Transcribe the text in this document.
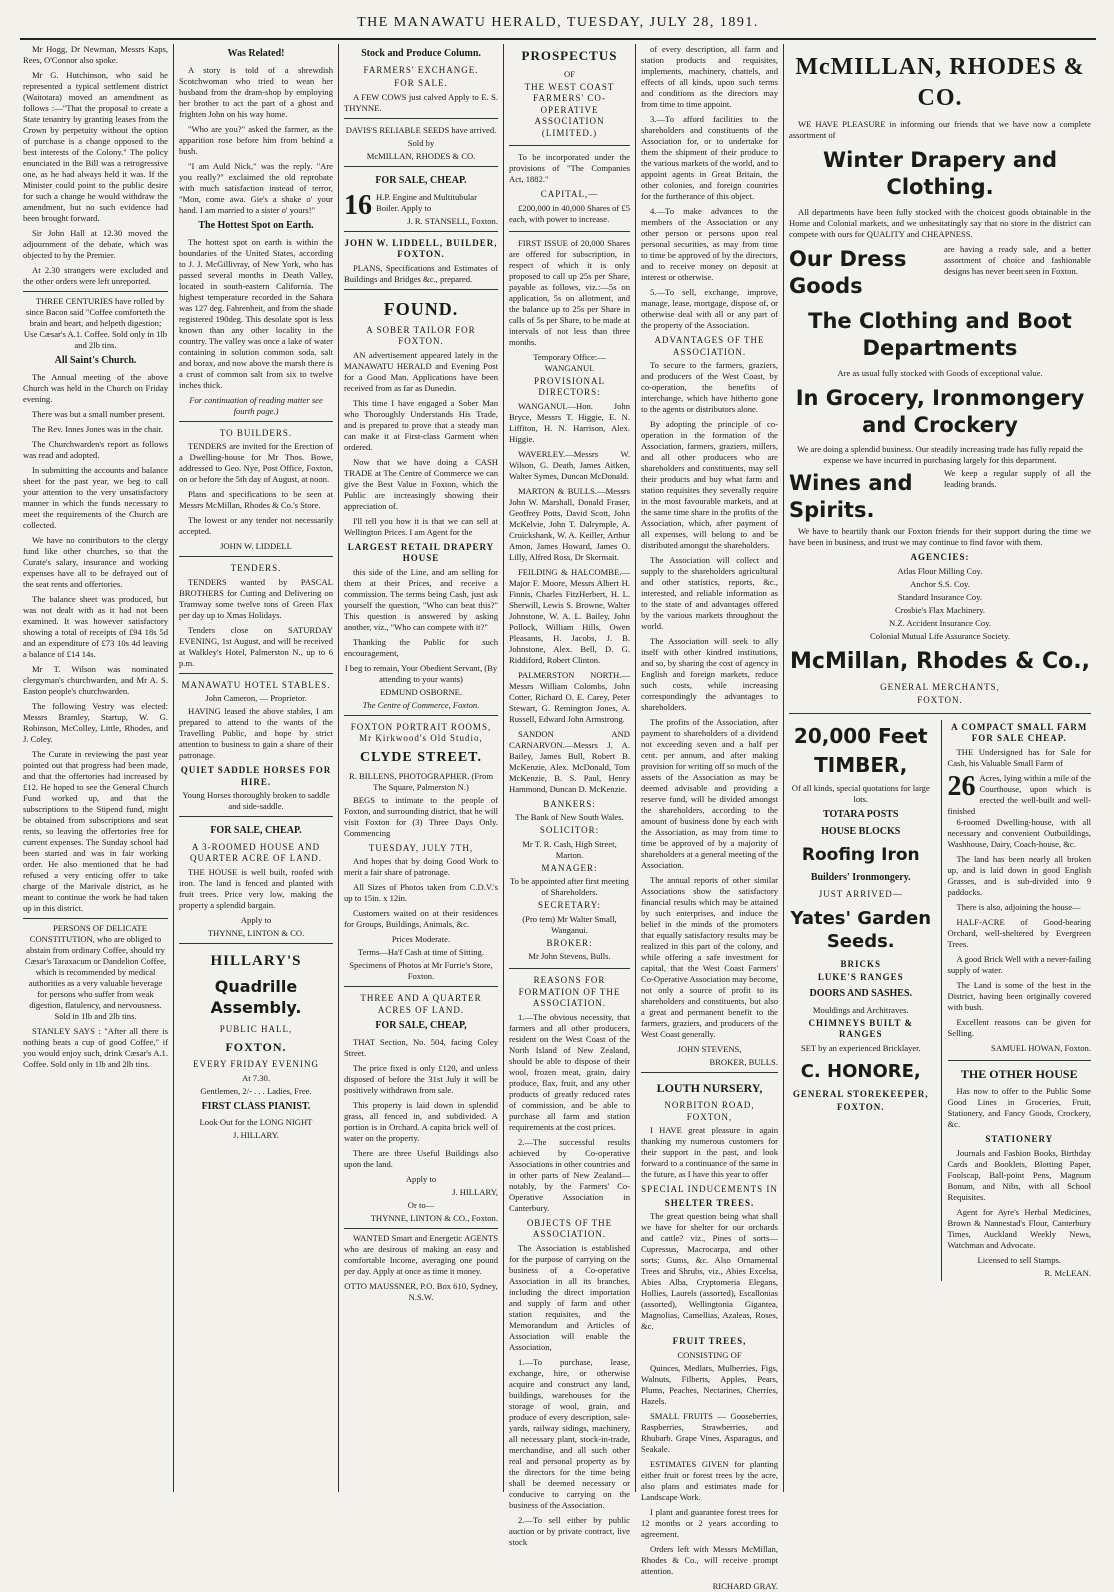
THE MANAWATU HERALD, TUESDAY, JULY 28, 1891.

Mr Hogg, Dr Newman, Messrs Kaps, Rees, O'Connor also spoke.

Mr G. Hutchinson, who said he represented a typical settlement district (Waitotara) moved an amendment as follows :—"That the proposal to create a State tenantry by granting leases from the Crown by perpetuity without the option of purchase is a change opposed to the best interests of the Colony." The policy enunciated in the Bill was a retrogressive one, as he had always held it was. If the Minister could point to the public desire for such a change he would withdraw the amendment, but no such evidence had been brought forward.

Sir John Hall at 12.30 moved the adjournment of the debate, which was objected to by the Premier.

At 2.30 strangers were excluded and the other orders were left unreported.

THREE CENTURIES have rolled by since Bacon said "Coffee comforteth the brain and heart, and helpeth digestion; Use Cæsar's A.1. Coffee. Sold only in 1lb and 2lb tins.

All Saint's Church.

The Annual meeting of the above Church was held in the Church on Friday evening.

There was but a small number present.

The Rev. Innes Jones was in the chair.

The Churchwarden's report as follows was read and adopted.

In submitting the accounts and balance sheet for the past year, we beg to call your attention to the very unsatisfactory manner in which the funds necessary to meet the requirements of the Church are collected.

We have no contributors to the clergy fund like other churches, so that the Curate's salary, insurance and working expenses have all to be defrayed out of the seat rents and offertories.

The balance sheet was produced, but was not dealt with as it had not been examined. It was however satisfactory showing a total of receipts of £94 18s 5d and an expenditure of £73 10s 4d leaving a balance of £14 14s.

Mr T. Wilson was nominated clergyman's churchwarden, and Mr A. S. Easton people's churchwarden.

The following Vestry was elected: Messrs Bramley, Startup, W. G. Robinson, McColley, Little, Rhodes, and J. Coley.

The Curate in reviewing the past year pointed out that progress had been made, and that the offertories had increased by £12. He hoped to see the General Church Fund worked up, and that the subscriptions to the Stipend fund, might be obtained from subscriptions and seat rents, so leaving the offertories free for current expenses. The Sunday school had been started and was in fair working order. He also mentioned that he had refused a very enticing offer to take charge of the Marivale district, as he meant to continue the work he had taken up in this district.

PERSONS OF DELICATE CONSTITUTION, who are obliged to abstain from ordinary Coffee, should try Cæsar's Taraxacum or Dandelion Coffee, which is recommended by medical authorities as a very valuable beverage for persons who suffer from weak digestion, flatulency, and nervousness. Sold in 1lb and 2lb tins.

STANLEY SAYS : "After all there is nothing beats a cup of good Coffee," if you would enjoy such, drink Cæsar's A.1. Coffee. Sold only in 1lb and 2lb tins.

Was Related!

A story is told of a shrewdish Scotchwoman who tried to wean her husband from the dram-shop by employing her brother to act the part of a ghost and frighten John on his way home.

"Who are you?" asked the farmer, as the apparition rose before him from behind a bush.

"I am Auld Nick," was the reply. "Are you really?" exclaimed the old reprobate with much satisfaction instead of terror, "Mon, come awa. Gie's a shake o' your hand. I am married to a sister o' yours!"

The Hottest Spot on Earth.

The hottest spot on earth is within the boundaries of the United States, according to J. J. McGillivray, of New York, who has passed several months in Death Valley, located in south-eastern California. The highest temperature recorded in the Sahara was 127 deg. Fahrenheit, and from the shade registered 190deg. This desolate spot is less known than any other locality in the country. The valley was once a lake of water containing in solution common soda, salt and borax, and now above the marsh there is a crust of common salt from six to twelve inches thick.

For continuation of reading matter see fourth page.)
TO BUILDERS.

TENDERS are invited for the Erection of a Dwelling-house for Mr Thos. Bowe, addressed to Geo. Nye, Post Office, Foxton, on or before the 5th day of August, at noon.

Plans and specifications to be seen at Messrs McMillan, Rhodes & Co.'s Store.

The lowest or any tender not necessarily accepted.

JOHN W. LIDDELL
TENDERS.

TENDERS wanted by PASCAL BROTHERS for Cutting and Delivering on Tramway some twelve tons of Green Flax per day up to Xmas Holidays.

Tenders close on SATURDAY EVENING, 1st August, and will be received at Walkley's Hotel, Palmerston N., up to 6 p.m.

MANAWATU HOTEL STABLES.
John Cameron, — Proprietor.

HAVING leased the above stables, I am prepared to attend to the wants of the Travelling Public, and hope by strict attention to business to gain a share of their patronage.

QUIET SADDLE HORSES FOR HIRE.
Young Horses thoroughly broken to saddle and side-saddle.
FOR SALE, CHEAP.
A 3-ROOMED HOUSE AND QUARTER ACRE OF LAND.

THE HOUSE is well built, roofed with iron. The land is fenced and planted with fruit trees. Price very low, making the property a splendid bargain.

Apply to
THYNNE, LINTON & CO.
HILLARY'S
Quadrille Assembly.
PUBLIC HALL,
FOXTON.
EVERY FRIDAY EVENING
At 7.30.
Gentlemen, 2/- . . . Ladies, Free.
FIRST CLASS PIANIST.
Look Out for the LONG NIGHT
J. HILLARY.
Stock and Produce Column.
FARMERS' EXCHANGE.
FOR SALE.

A FEW COWS just calved Apply to E. S. THYNNE.

DAVIS'S RELIABLE SEEDS have arrived.
Sold by
McMILLAN, RHODES & CO.
FOR SALE, CHEAP.
16 H.P. Engine and Multitubular Boiler. Apply to
J. R. STANSELL, Foxton.
JOHN W. LIDDELL, BUILDER, FOXTON.

PLANS, Specifications and Estimates of Buildings and Bridges &c., prepared.

FOUND.
A SOBER TAILOR FOR FOXTON.

AN advertisement appeared lately in the MANAWATU HERALD and Evening Post for a Good Man. Applications have been received from as far as Dunedin.

This time I have engaged a Sober Man who Thoroughly Understands His Trade, and is prepared to prove that a steady man can make it at First-class Garment when ordered.

Now that we have doing a CASH TRADE at The Centre of Commerce we can give the Best Value in Foxton, which the Public are increasingly showing their appreciation of.

I'll tell you how it is that we can sell at Wellington Prices. I am Agent for the

LARGEST RETAIL DRAPERY HOUSE

this side of the Line, and am selling for them at their Prices, and receive a commission. The terms being Cash, just ask yourself the question, "Who can beat this?" This question is answered by asking another, viz., "Who can compete with it?"

Thanking the Public for such encouragement,

I beg to remain, Your Obedient Servant, (By attending to your wants)
EDMUND OSBORNE.
The Centre of Commerce, Foxton.
FOXTON PORTRAIT ROOMS, Mr Kirkwood's Old Studio,
CLYDE STREET.
R. BILLENS, PHOTOGRAPHER. (From The Square, Palmerston N.)

BEGS to intimate to the people of Foxton, and surrounding district, that he will visit Foxton for (3) Three Days Only. Commencing

TUESDAY, JULY 7TH,

And hopes that by doing Good Work to merit a fair share of patronage.

All Sizes of Photos taken from C.D.V.'s up to 15in. x 12in.

Customers waited on at their residences for Groups, Buildings, Animals, &c.

Prices Moderate.
Terms—Ha'f Cash at time of Sitting.
Specimens of Photos at Mr Furrie's Store, Foxton.
THREE AND A QUARTER ACRES OF LAND.
FOR SALE, CHEAP,

THAT Section, No. 504, facing Coley Street.

The price fixed is only £120, and unless disposed of before the 31st July it will be positively withdrawn from sale.

This property is laid down in splendid grass, all fenced in, and subdivided. A portion is in Orchard. A capita brick well of water on the property.

There are three Useful Buildings also upon the land.

Apply to
J. HILLARY,
Or to—
THYNNE, LINTON & CO., Foxton.

WANTED Smart and Energetic AGENTS who are desirous of making an easy and comfortable Income, averaging one pound per day. Apply at once as time it money.

OTTO MAUSSNER, P.O. Box 610, Sydney, N.S.W.
PROSPECTUS
OF
THE WEST COAST FARMERS' CO-OPERATIVE ASSOCIATION (LIMITED.)

To be incorporated under the provisions of "The Companies Act, 1882."

CAPITAL,—

£200,000 in 40,000 Shares of £5 each, with power to increase.

FIRST ISSUE of 20,000 Shares are offered for subscription, in respect of which it is only proposed to call up 25s per Share, payable as follows, viz.:—5s on application, 5s on allotment, and the balance up to 25s per Share in calls of 5s per Share, to be made at intervals of not less than three months.

Temporary Office:— WANGANUI.
PROVISIONAL DIRECTORS:

WANGANUI.—Hon. John Bryce, Messrs T. Higgie, E. N. Liffiton, H. N. Harrison, Alex. Higgie.

WAVERLEY.—Messrs W. Wilson, G. Death, James Aitken, Walter Symes, Duncan McDonald.

MARTON & BULLS.—Messrs John W. Marshall, Donald Fraser, Geoffrey Potts, David Scott, John McKelvie, John T. Dalrymple, A. Cruickshank, W. A. Keiller, Arthur Amon, James Howard, James O. Lilly, Alfred Ross, Dr Skermait.

FEILDING & HALCOMBE.—Major F. Moore, Messrs Albert H. Finnis, Charles FitzHerbert, H. L. Sherwill, Lewis S. Browne, Walter Johnstone, W. A. L. Bailey, John Pollock, William Hills, Owen Pleasants, H. Jacobs, J. B. Johnstone, Alex. Bell, D. G. Riddiford, Robert Clinton.

PALMERSTON NORTH.—Messrs William Colombs, John Cotter, Richard O. E. Carey, Peter Stewart, G. Remington Jones, A. Russell, Edward John Armstrong.

SANDON AND CARNARVON.—Messrs J. A. Bailey, James Bull, Robert B. McKenzie, Alex. McDonald, Tom McKenzie, B. S. Paul, Henry Hammond, Duncan D. McKenzie.

BANKERS:
The Bank of New South Wales.
SOLICITOR:
Mr T. R. Cash, High Street, Marton.
MANAGER:
To be appointed after first meeting of Shareholders.
SECRETARY:
(Pro tem) Mr Walter Small, Wanganui.
BROKER:
Mr John Stevens, Bulls.
REASONS FOR FORMATION OF THE ASSOCIATION.

1.—The obvious necessity, that farmers and all other producers, resident on the West Coast of the North Island of New Zealand, should be able to dispose of their wool, frozen meat, grain, dairy produce, flax, fruit, and any other products of greatly reduced rates of commission, and be able to purchase all farm and station requirements at the cost prices.

2.—The successful results achieved by Co-operative Associations in other countries and in other parts of New Zealand—notably, by the Farmers' Co-Operative Association in Canterbury.

OBJECTS OF THE ASSOCIATION.

The Association is established for the purpose of carrying on the business of a Co-operative Association in all its branches, including the direct importation and supply of farm and other station requisites, and the Memorandum and Articles of Association will enable the Association,

1.—To purchase, lease, exchange, hire, or otherwise acquire and construct any land, buildings, warehouses for the storage of wool, grain, and produce of every description, sale-yards, railway sidings, machinery, all necessary plant, stock-in-trade, merchandise, and all such other real and personal property as by the directors for the time being shall be deemed necessary or conducive to carrying on the business of the Association.

2.—To sell either by public auction or by private contract, live stock

of every description, all farm and station products and requisites, implements, machinery, chattels, and effects of all kinds, upon such terms and conditions as the directors may from time to time appoint.

3.—To afford facilities to the shareholders and constituents of the Association for, or to undertake for them the shipment of their produce to the various markets of the world, and to appoint agents in Great Britain, the other colonies, and foreign countries for the furtherance of this object.

4.—To make advances to the members of the Association or any other person or persons upon real personal securities, as may from time to time be approved of by the directors, and to receive money on deposit at interest or otherwise.

5.—To sell, exchange, improve, manage, lease, mortgage, dispose of, or otherwise deal with all or any part of the property of the Association.

ADVANTAGES OF THE ASSOCIATION.

To secure to the farmers, graziers, and producers of the West Coast, by co-operation, the benefits of interchange, which have hitherto gone to the agents or distributors alone.

By adopting the principle of co-operation in the formation of the Association, farmers, graziers, millers, and all other producers who are shareholders and constituents, may sell their products and buy what farm and station requisites they severally require in the most favourable markets, and at the same time share in the profits of the Association, which, after payment of all expenses, will belong to and be distributed amongst the shareholders.

The Association will collect and supply to the shareholders agricultural and other statistics, reports, &c., interested, and reliable information as to the state of and advantages offered by the various markets throughout the world.

The Association will seek to ally itself with other kindred institutions, and so, by sharing the cost of agency in English and foreign markets, reduce such costs, while increasing correspondingly the advantages to shareholders.

The profits of the Association, after payment to shareholders of a dividend not exceeding seven and a half per cent. per annum, and after making provision for writing off so much of the assets of the Association as may be deemed advisable and providing a reserve fund, will be divided amongst the shareholders, according to the amount of business done by each with the Association, as may from time to time be approved of by a majority of shareholders at a general meeting of the Association.

The annual reports of other similar Associations show the satisfactory financial results which may be attained by such enterprises, and induce the belief in the minds of the promoters that equally satisfactory results may be realized in this part of the colony, and while offering a safe investment for capital, that the West Coast Farmers' Co-Operative Association may become, not only a source of profit to its shareholders and constituents, but also a great and permanent benefit to the farmers, graziers, and producers of the West Coast generally.

JOHN STEVENS,
BROKER, BULLS.
LOUTH NURSERY,
NORBITON ROAD, FOXTON,

I HAVE great pleasure in again thanking my numerous customers for their support in the past, and look forward to a continuance of the same in the future, as I have this year to offer

SPECIAL INDUCEMENTS IN
SHELTER TREES.

The great question being what shall we have for shelter for our orchards and cattle? viz., Pines of sorts—Cupressus, Macrocarpa, and other sorts; Gums, &c. Also Ornamental Trees and Shrubs, viz., Abies Excelsa, Abies Alba, Cryptomeria Elegans, Hollies, Laurels (assorted), Escallonias (assorted), Wellingtonia Gigantea, Magnolias, Camellias, Azaleas, Roses, &c.

FRUIT TREES,
CONSISTING OF

Quinces, Medlars, Mulberries, Figs, Walnuts, Filberts, Apples, Pears, Plums, Peaches, Nectarines, Cherries, Hazels.

SMALL FRUITS — Gooseberries, Raspberries, Strawberries, and Rhubarb. Grape Vines, Asparagus, and Seakale.

ESTIMATES GIVEN for planting either fruit or forest trees by the acre, also plans and estimates made for Landscape Work.

I plant and guarantee forest trees for 12 months or 2 years according to agreement.

Orders left with Messrs McMillan, Rhodes & Co., will receive prompt attention.

RICHARD GRAY.
McMILLAN, RHODES & CO.

WE HAVE PLEASURE in informing our friends that we have now a complete assortment of

Winter Drapery and Clothing.

All departments have been fully stocked with the choicest goods obtainable in the Home and Colonial markets, and we unhesitatingly say that no store in the district can compete with ours for QUALITY and CHEAPNESS.

Our Dress Goods
are having a ready sale, and a better assortment of choice and fashionable designs has never been seen in Foxton.
The Clothing and Boot Departments
Are as usual fully stocked with Goods of exceptional value.
In Grocery, Ironmongery and Crockery
We are doing a splendid business. Our steadily increasing trade has fully repaid the expense we have incurred in purchasing largely for this department.
Wines and Spirits.
We keep a regular supply of all the leading brands.

We have to heartily thank our Foxton friends for their support during the time we have been in business, and trust we may continue to find favor with them.

AGENCIES:
Atlas Flour Milling Coy.
Anchor S.S. Coy.
Standard Insurance Coy.
Crosbie's Flax Machinery.
N.Z. Accident Insurance Coy.
Colonial Mutual Life Assurance Society.
McMillan, Rhodes & Co.,
GENERAL MERCHANTS,
FOXTON.
20,000 Feet
TIMBER,
Of all kinds, special quotations for large lots.
TOTARA POSTS
HOUSE BLOCKS
Roofing Iron
Builders' Ironmongery.
JUST ARRIVED—
Yates' Garden Seeds.
BRICKS
LUKE'S RANGES
DOORS AND SASHES.
Mouldings and Architraves.
CHIMNEYS BUILT & RANGES
SET by an experienced Bricklayer.
C. HONORE,
GENERAL STOREKEEPER,
FOXTON.
A COMPACT SMALL FARM FOR SALE CHEAP.

THE Undersigned has for Sale for Cash, his Valuable Small Farm of

26 Acres, lying within a mile of the Courthouse, upon which is erected the well-built and well-finished

6-roomed Dwelling-house, with all necessary and convenient Outbuildings, Washhouse, Dairy, Coach-house, &c.

The land has been nearly all broken up, and is laid down in good English Grasses, and is sub-divided into 9 paddocks.

There is also, adjoining the house—

HALF-ACRE of Good-bearing Orchard, well-sheltered by Evergreen Trees.

A good Brick Well with a never-failing supply of water.

The Land is some of the best in the District, having been originally covered with bush.

Excellent reasons can be given for Selling.

SAMUEL HOWAN, Foxton.
THE OTHER HOUSE

Has now to offer to the Public Some Good Lines in Groceries, Fruit, Stationery, and Fancy Goods, Crockery, &c.

STATIONERY

Journals and Fashion Books, Birthday Cards and Booklets, Blotting Paper, Foolscap, Ball-point Pens, Magnum Bonum, and Nibs, with all School Requisites.

Agent for Ayre's Herbal Medicines, Brown & Nannestad's Flour, Canterbury Times, Auckland Weekly News, Watchman and Advocate.

Licensed to sell Stamps.
R. McLEAN.
